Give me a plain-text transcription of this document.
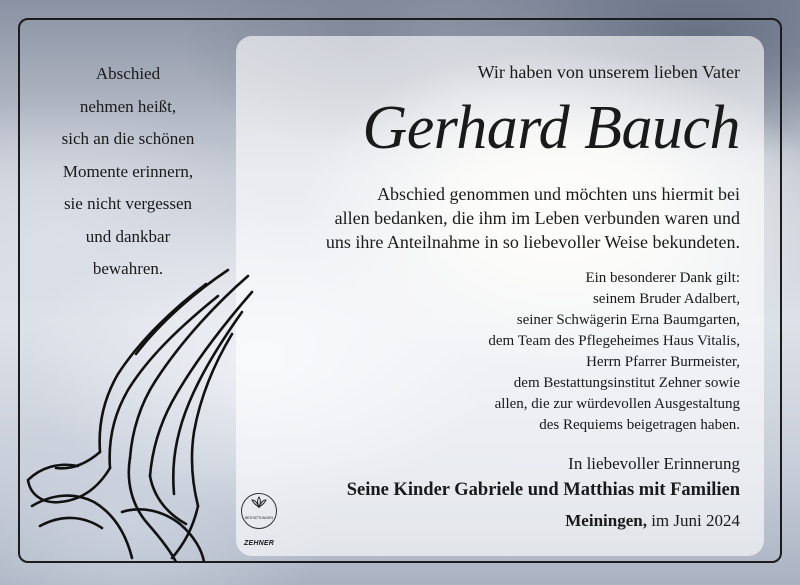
Abschied
nehmen heißt,
sich an die schönen
Momente erinnern,
sie nicht vergessen
und dankbar
bewahren.
ZEHNER
BESTATTUNGEN
Wir haben von unserem lieben Vater
Gerhard Bauch
Abschied genommen und möchten uns hiermit bei
allen bedanken, die ihm im Leben verbunden waren und
uns ihre Anteilnahme in so liebevoller Weise bekundeten.
Ein besonderer Dank gilt:
seinem Bruder Adalbert,
seiner Schwägerin Erna Baumgarten,
dem Team des Pflegeheimes Haus Vitalis,
Herrn Pfarrer Burmeister,
dem Bestattungsinstitut Zehner sowie
allen, die zur würdevollen Ausgestaltung
des Requiems beigetragen haben.
In liebevoller Erinnerung
Seine Kinder Gabriele und Matthias mit Familien
Meiningen, im Juni 2024
